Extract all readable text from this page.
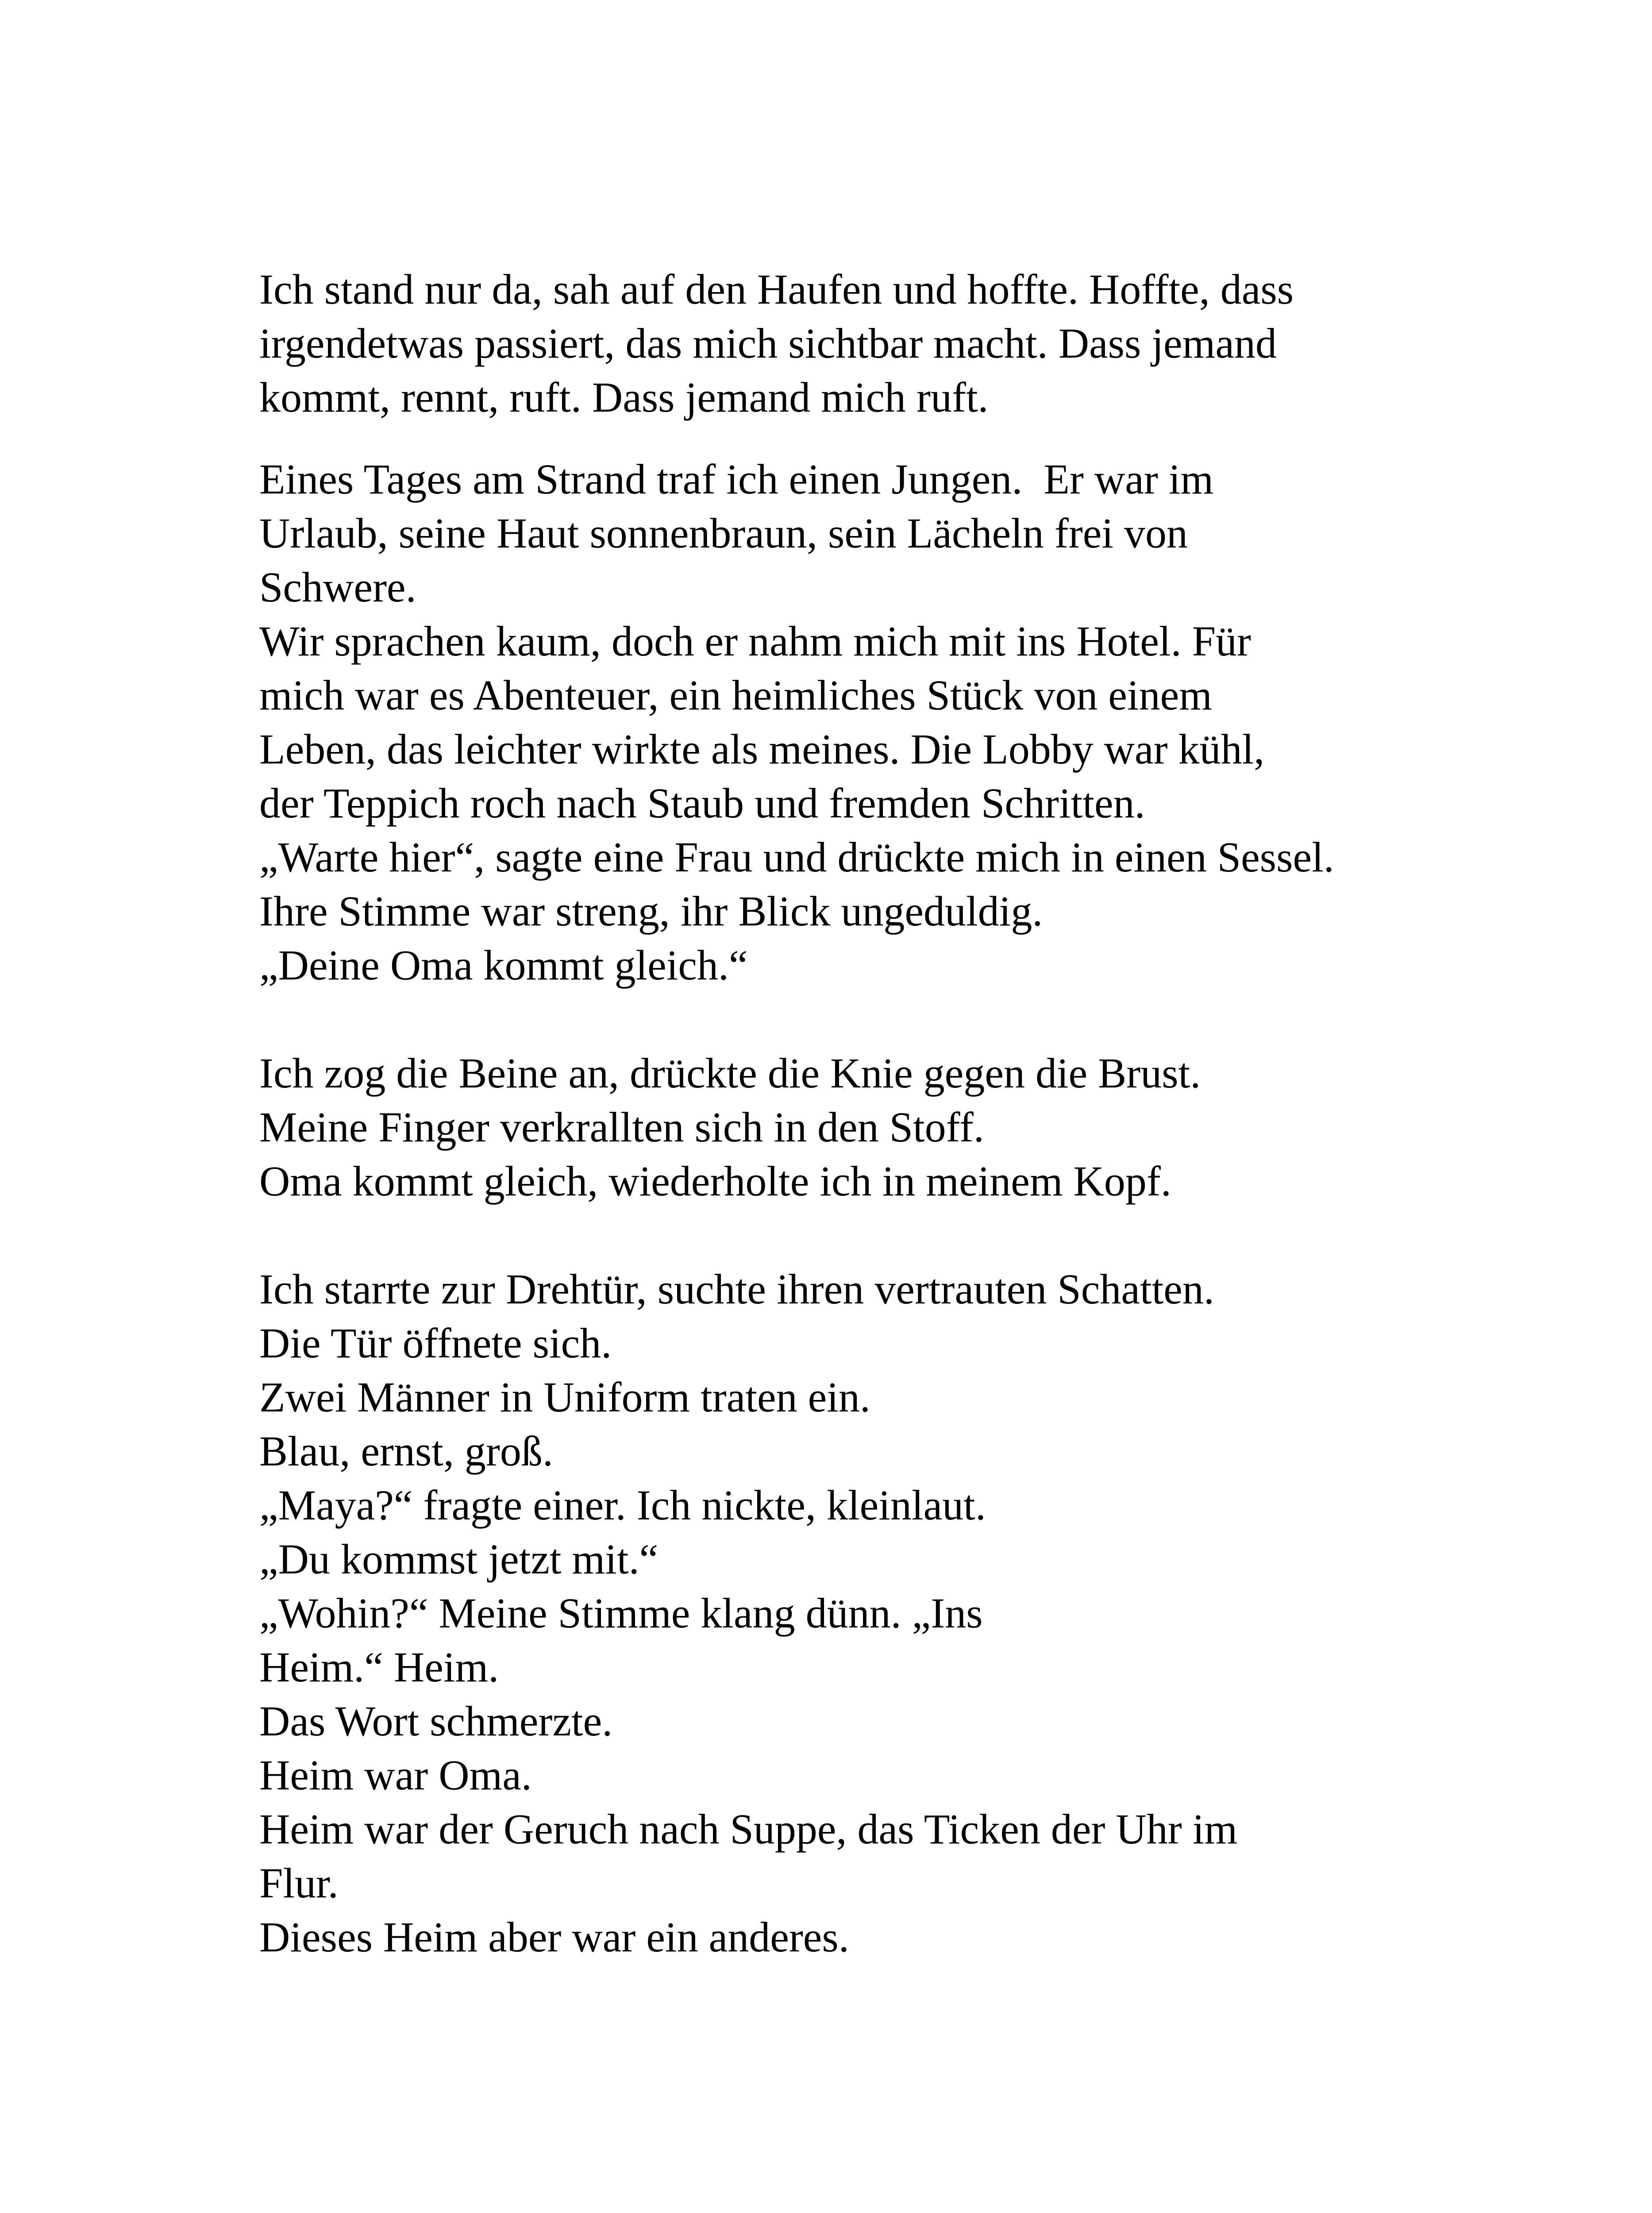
Ich stand nur da, sah auf den Haufen und hoffte. Hoffte, dass
irgendetwas passiert, das mich sichtbar macht. Dass jemand
kommt, rennt, ruft. Dass jemand mich ruft.
Eines Tages am Strand traf ich einen Jungen.  Er war im
Urlaub, seine Haut sonnenbraun, sein Lächeln frei von
Schwere.
Wir sprachen kaum, doch er nahm mich mit ins Hotel. Für
mich war es Abenteuer, ein heimliches Stück von einem
Leben, das leichter wirkte als meines. Die Lobby war kühl,
der Teppich roch nach Staub und fremden Schritten.
„Warte hier“, sagte eine Frau und drückte mich in einen Sessel.
Ihre Stimme war streng, ihr Blick ungeduldig.
„Deine Oma kommt gleich.“
Ich zog die Beine an, drückte die Knie gegen die Brust.
Meine Finger verkrallten sich in den Stoff.
Oma kommt gleich, wiederholte ich in meinem Kopf.
Ich starrte zur Drehtür, suchte ihren vertrauten Schatten.
Die Tür öffnete sich.
Zwei Männer in Uniform traten ein.
Blau, ernst, groß.
„Maya?“ fragte einer. Ich nickte, kleinlaut.
„Du kommst jetzt mit.“
„Wohin?“ Meine Stimme klang dünn. „Ins
Heim.“ Heim.
Das Wort schmerzte.
Heim war Oma.
Heim war der Geruch nach Suppe, das Ticken der Uhr im
Flur.
Dieses Heim aber war ein anderes.
